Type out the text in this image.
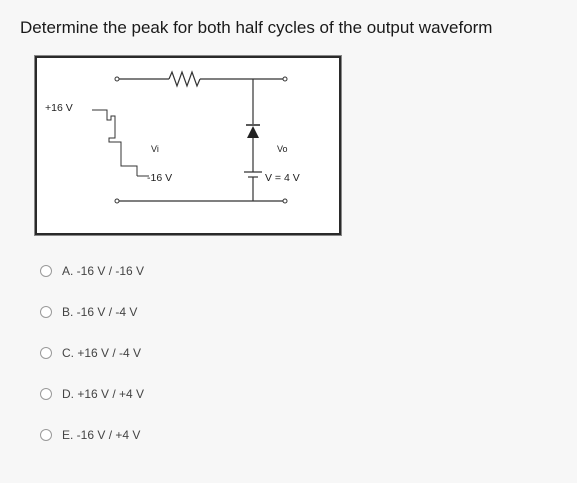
Determine the peak for both half cycles of the output waveform
+16 V
Vi
-16 V
Vo
V = 4 V
A. -16 V / -16 V
B. -16 V / -4 V
C. +16 V / -4 V
D. +16 V / +4 V
E. -16 V / +4 V
